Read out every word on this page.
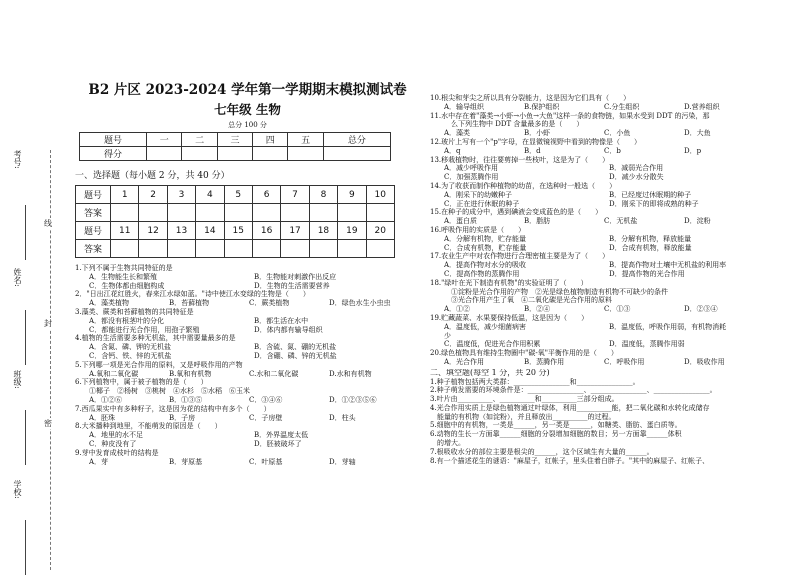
考号:
姓名:
班级:
学校:
线
封
密
B2 片区 2023-2024 学年第一学期期末模拟测试卷
七年级 生物
总分 100 分
题号	一	二	三	四	五	总分
得分						
一、选择题（每小题 2 分，共 40 分）
题号	1	2	3	4	5	6	7	8	9	10
答案										
题号	11	12	13	14	15	16	17	18	19	20
答案										
1.下列不属于生物共同特征的是
A．生物能生长和繁殖	B．生物能对刺激作出反应
C．生物体都由细胞构成	D．生物的生活需要营养
2．"日出江花红胜火，春来江水绿如蓝。"诗中使江水变绿的生物是（　　）
A．藻类植物	B．苔藓植物	C．蕨类植物	D．绿色水生小虫虫
3.藻类、蕨类和苔藓植物的共同特征是
A．都没有根茎叶的分化	B．都生活在水中
C．都能进行光合作用，用孢子繁殖	D．体内都有输导组织
4.植物的生活需要多种无机盐，其中需要量最多的是
A．含氮、磷、钾的无机盐	B．含硫、氮、硼的无机盐
C．含钙、铁、锌的无机盐	D．含硼、磷、锌的无机盐
5.下列哪一项是光合作用的原料，又是呼吸作用的产物
A.氧和二氧化碳	B.氧和有机物	C.水和二氧化碳	D.水和有机物
6.下列植物中，属于被子植物的是（　　）
①椰子　②杨树　③桃树　④水杉　⑤水稻　⑥玉米
A．①②⑥	B．①③⑤	C．③④⑥	D．①②③⑤⑥
7.西瓜果实中有多种籽子，这是因为花的结构中有多个（　　）
A．胚珠	B．子房	C．子房壁	D．柱头
8.大米播种到地里，不能萌发的原因是（　　）
A．地里的水不足	B．外界温度太低
C．种皮没有了	D．胚被破坏了
9.芽中发育成枝叶的结构是
A．芽	B．芽原基	C．叶原基	D．芽轴
10.根尖和芽尖之所以具有分裂能力，这是因为它们具有（　　）
A．输导组织	B.保护组织	C.分生组织	D.营养组织
11.水中存在着"藻类→小虾→小鱼→大鱼"这样一条的食物链，如果水受到 DDT 的污染，那
　么下列生物中 DDT 含量最多的是（　　）
A．藻类	B．小虾	C．小鱼	D．大鱼
12.玻片上写有一个"p"字母，在显微镜视野中看到的物像是（　　）
A．q	B．d	C．b	D．p
13.移栽植物时，往往要剪掉一些枝叶，这是为了（　　）
A．减少呼吸作用	B．减弱光合作用
C．加强蒸腾作用	D．减少水分散失
14.为了收获而制作种植物的幼苗，在选种时一般选（　　）
A．刚采下的幼嫩种子	B．已经度过休眠期的种子
C．正在进行休眠的种子	D．刚采下的即将成熟的种子
15.在种子的成分中，遇到碘液会变成蓝色的是（　　）
A．蛋白质	B．脂肪	C．无机盐	D．淀粉
16.呼吸作用的实质是（　　）
A．分解有机物，贮存能量	B．分解有机物，释放能量
C．合成有机物，贮存能量	D．合成有机物，释放能量
17.农业生产中对农作物进行合理密植主要是为了（　　）
A．提高作物对水分的吸收	B．提高作物对土壤中无机盐的利用率
C．提高作物的蒸腾作用	D．提高作物的光合作用
18."绿叶在光下制造有机物"的实验证明了（　　）
　①淀粉是光合作用的产物　②光是绿色植物制造有机物不可缺少的条件
　③光合作用产生了氧　④二氧化碳是光合作用的原料
A．①②	B．②④	C．①③	D．②③④
19.贮藏蔬菜、水果要保持低温，这是因为（　　）
A．温度低，减少细菌病害	B．温度低，呼吸作用弱，有机物消耗
少
C．温度低，促进光合作用积累	D．温度低，蒸腾作用弱
20.绿色植物具有维持生物圈中"碳-氧"平衡作用的是（　　）
A．光合作用	B．蒸腾作用	C．呼吸作用	D．吸收作用
二、填空题(每空 1 分，共 20 分)
1.种子植物包括两大类群：________________和________________。
2.种子萌发需要的环境条件是：________________、________________、________________。
3.叶片由__________、__________和__________三部分组成。
4.光合作用实质上是绿色植物通过叶绿体，利用__________能，把二氧化碳和水转化成储存
　能量的有机物（如淀粉），并且释放出__________的过程。
5.细胞中的有机物，一类是______，另一类是______，如糖类、脂肪、蛋白质等。
6.动物的生长一方面靠______细胞的分裂增加细胞的数目；另一方面靠______体积
　的增大。
7.根吸收水分的部位主要是根尖的______，这个区域生有大量的______。
8.有一个描述花生的谜语："麻屋子，红帐子，里头住着白胖子。"其中的麻屋子、红帐子、
